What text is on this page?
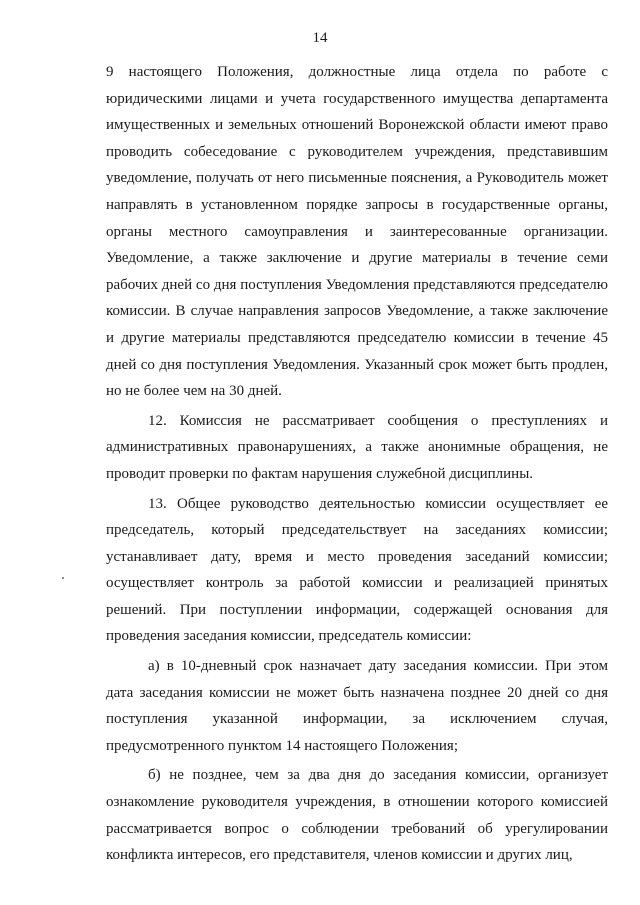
14

9 настоящего Положения, должностные лица отдела по работе с юридическими лицами и учета государственного имущества департамента имущественных и земельных отношений Воронежской области имеют право проводить собеседование с руководителем учреждения, представившим уведомление, получать от него письменные пояснения, а Руководитель может направлять в установленном порядке запросы в государственные органы, органы местного самоуправления и заинтересованные организации. Уведомление, а также заключение и другие материалы в течение семи рабочих дней со дня поступления Уведомления представляются председателю комиссии. В случае направления запросов Уведомление, а также заключение и другие материалы представляются председателю комиссии в течение 45 дней со дня поступления Уведомления. Указанный срок может быть продлен, но не более чем на 30 дней.

12. Комиссия не рассматривает сообщения о преступлениях и административных правонарушениях, а также анонимные обращения, не проводит проверки по фактам нарушения служебной дисциплины.

13. Общее руководство деятельностью комиссии осуществляет ее председатель, который председательствует на заседаниях комиссии; устанавливает дату, время и место проведения заседаний комиссии; осуществляет контроль за работой комиссии и реализацией принятых решений. При поступлении информации, содержащей основания для проведения заседания комиссии, председатель комиссии:

а) в 10-дневный срок назначает дату заседания комиссии. При этом дата заседания комиссии не может быть назначена позднее 20 дней со дня поступления указанной информации, за исключением случая, предусмотренного пунктом 14 настоящего Положения;

б) не позднее, чем за два дня до заседания комиссии, организует ознакомление руководителя учреждения, в отношении которого комиссией рассматривается вопрос о соблюдении требований об урегулировании конфликта интересов, его представителя, членов комиссии и других лиц,
